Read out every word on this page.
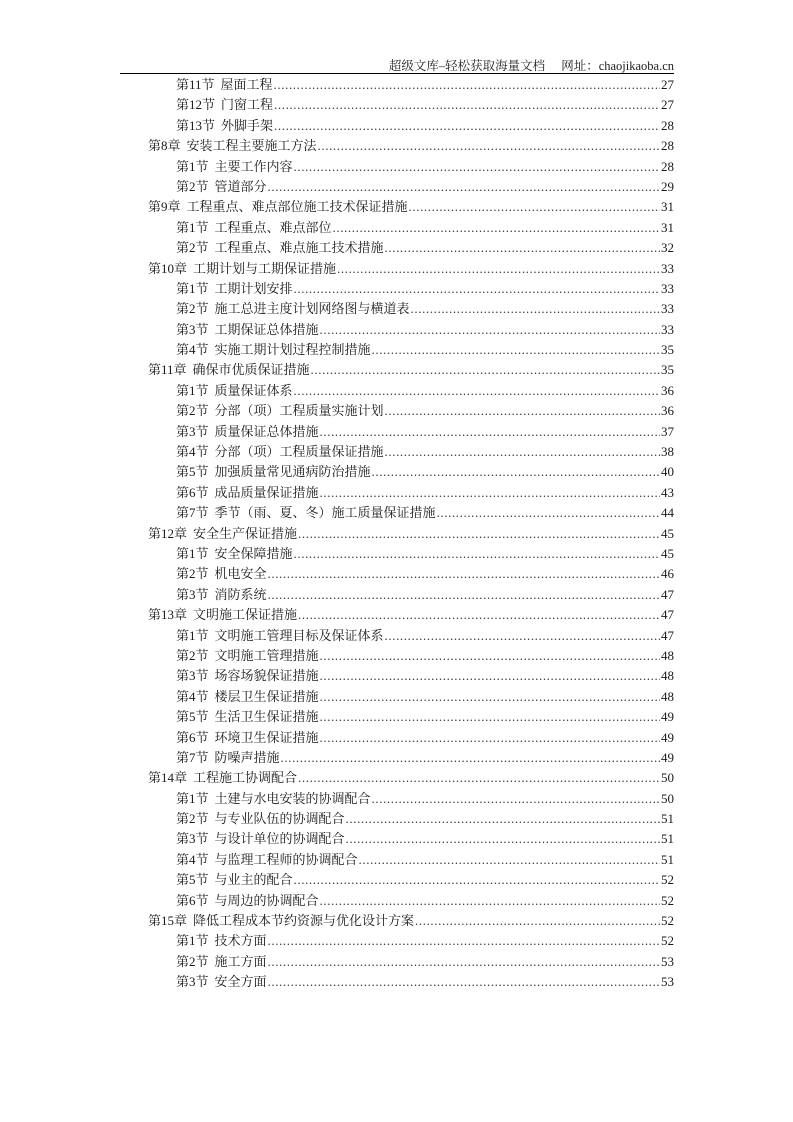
超级文库–轻松获取海量文档 网址：chaojikaoba.cn
第11节 屋面工程 .....	27
第12节 门窗工程 .....	27
第13节 外脚手架 .....	28
第8章 安装工程主要施工方法 .....	28
第1节 主要工作内容 .....	28
第2节 管道部分 .....	29
第9章 工程重点、难点部位施工技术保证措施 .....	31
第1节 工程重点、难点部位 .....	31
第2节 工程重点、难点施工技术措施 .....	32
第10章 工期计划与工期保证措施 .....	33
第1节 工期计划安排 .....	33
第2节 施工总进主度计划网络图与横道表 .....	33
第3节 工期保证总体措施 .....	33
第4节 实施工期计划过程控制措施 .....	35
第11章 确保市优质保证措施 .....	35
第1节 质量保证体系 .....	36
第2节 分部（项）工程质量实施计划 .....	36
第3节 质量保证总体措施 .....	37
第4节 分部（项）工程质量保证措施 .....	38
第5节 加强质量常见通病防治措施 .....	40
第6节 成品质量保证措施 .....	43
第7节 季节（雨、夏、冬）施工质量保证措施 .....	44
第12章 安全生产保证措施 .....	45
第1节 安全保障措施 .....	45
第2节 机电安全 .....	46
第3节 消防系统 .....	47
第13章 文明施工保证措施 .....	47
第1节 文明施工管理目标及保证体系 .....	47
第2节 文明施工管理措施 .....	48
第3节 场容场貌保证措施 .....	48
第4节 楼层卫生保证措施 .....	48
第5节 生活卫生保证措施 .....	49
第6节 环境卫生保证措施 .....	49
第7节 防噪声措施 .....	49
第14章 工程施工协调配合 .....	50
第1节 土建与水电安装的协调配合 .....	50
第2节 与专业队伍的协调配合 .....	51
第3节 与设计单位的协调配合 .....	51
第4节 与监理工程师的协调配合 .....	51
第5节 与业主的配合 .....	52
第6节 与周边的协调配合 .....	52
第15章 降低工程成本节约资源与优化设计方案 .....	52
第1节 技术方面 .....	52
第2节 施工方面 .....	53
第3节 安全方面 .....	53
